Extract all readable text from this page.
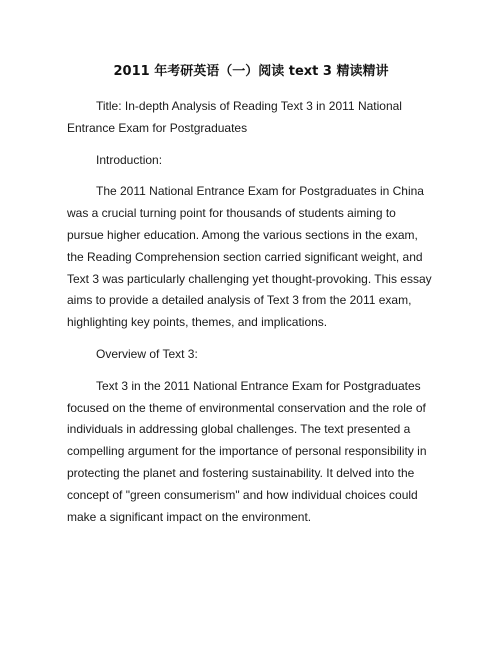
2011 年考研英语（一）阅读 text 3 精读精讲

Title: In-depth Analysis of Reading Text 3 in 2011 National Entrance Exam for Postgraduates

Introduction:

The 2011 National Entrance Exam for Postgraduates in China was a crucial turning point for thousands of students aiming to pursue higher education. Among the various sections in the exam, the Reading Comprehension section carried significant weight, and Text 3 was particularly challenging yet thought-provoking. This essay aims to provide a detailed analysis of Text 3 from the 2011 exam, highlighting key points, themes, and implications.

Overview of Text 3:

Text 3 in the 2011 National Entrance Exam for Postgraduates focused on the theme of environmental conservation and the role of individuals in addressing global challenges. The text presented a compelling argument for the importance of personal responsibility in protecting the planet and fostering sustainability. It delved into the concept of "green consumerism" and how individual choices could make a significant impact on the environment.
